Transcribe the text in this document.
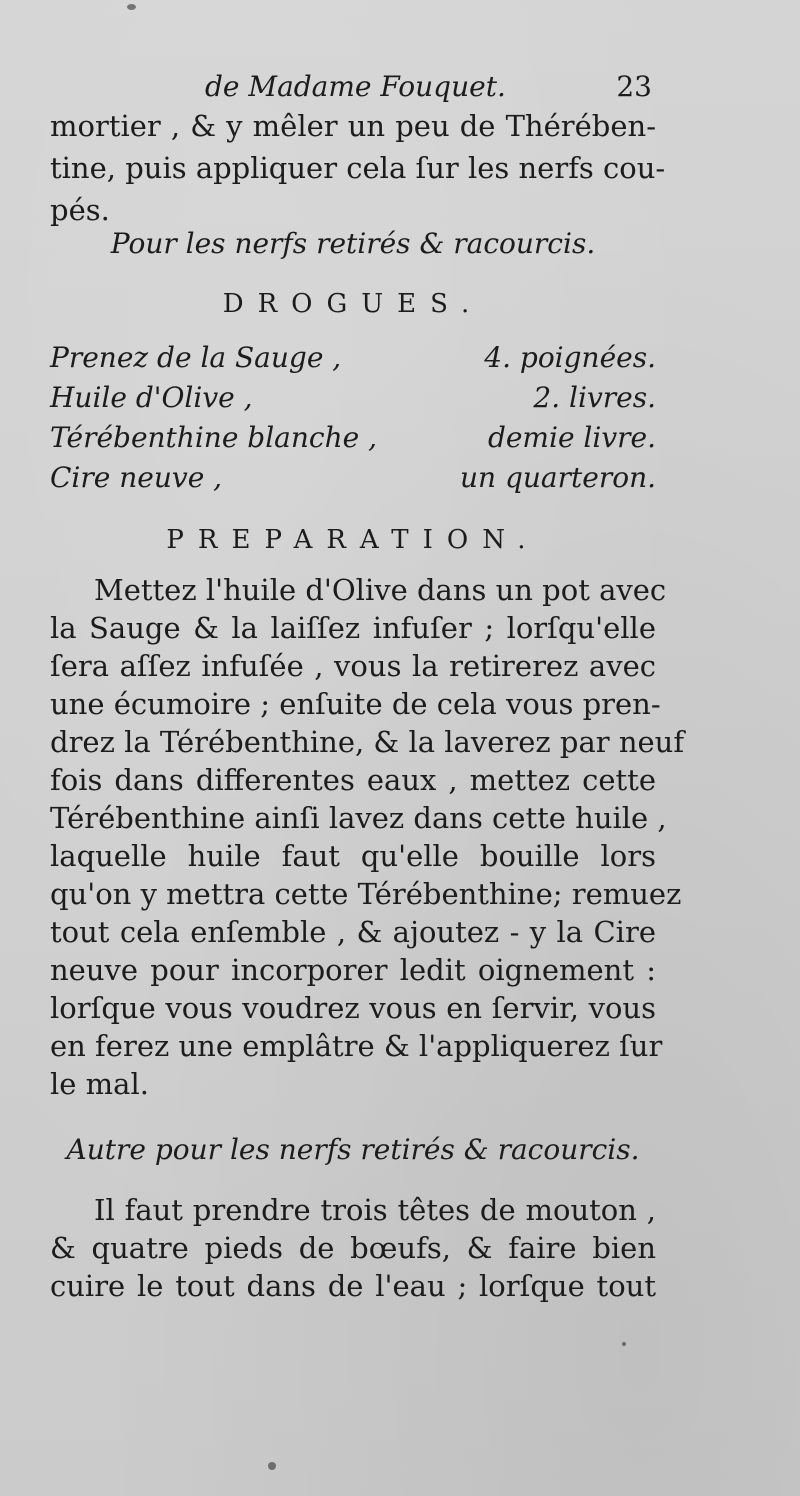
de Madame Fouquet.	23
mortier , & y mêler un peu de Thérében-
tine, puis appliquer cela ſur les nerfs cou-
pés.
Pour les nerfs retirés & racourcis.
DROGUES.
Prenez de la Sauge ,	4. poignées.
Huile d'Olive ,	2. livres.
Térébenthine blanche ,	demie livre.
Cire neuve ,	un quarteron.
PREPARATION.
Mettez l'huile d'Olive dans un pot avec
la Sauge & la laiſſez infuſer ; lorſqu'elle
ſera aſſez infuſée , vous la retirerez avec
une écumoire ; enſuite de cela vous pren-
drez la Térébenthine, & la laverez par neuf
fois dans differentes eaux , mettez cette
Térébenthine ainſi lavez dans cette huile ,
laquelle huile faut qu'elle bouille lors
qu'on y mettra cette Térébenthine; remuez
tout cela enſemble , & ajoutez - y la Cire
neuve pour incorporer ledit oignement :
lorſque vous voudrez vous en ſervir, vous
en ferez une emplâtre & l'appliquerez ſur
le mal.
Autre pour les nerfs retirés & racourcis.
Il faut prendre trois têtes de mouton ,
& quatre pieds de bœufs, & faire bien
cuire le tout dans de l'eau ; lorſque tout
